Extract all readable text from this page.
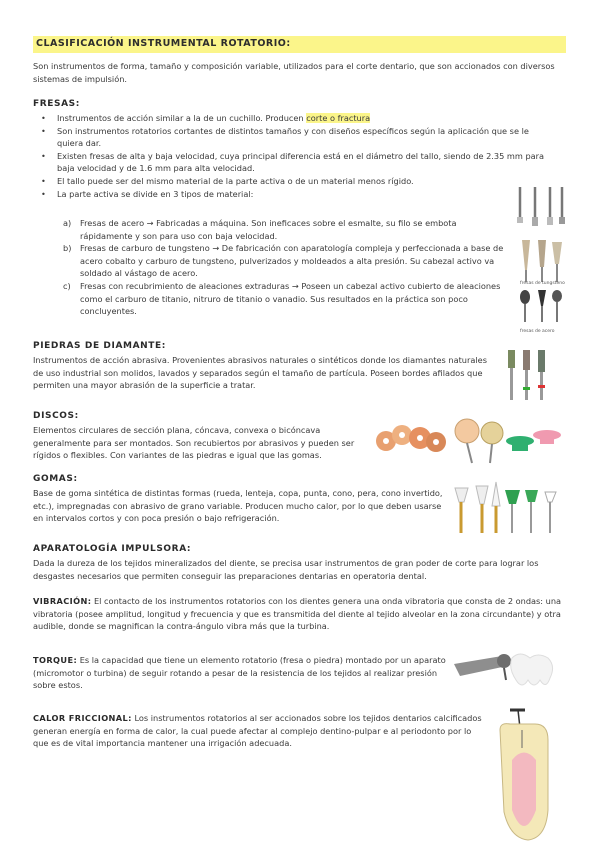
CLASIFICACIÓN INSTRUMENTAL ROTATORIO:
Son instrumentos de forma, tamaño y composición variable, utilizados para el corte dentario, que son accionados con diversos sistemas de impulsión.
FRESAS:
• Instrumentos de acción similar a la de un cuchillo. Producen corte o fractura
• Son instrumentos rotatorios cortantes de distintos tamaños y con diseños específicos según la aplicación que se le quiera dar.
• Existen fresas de alta y baja velocidad, cuya principal diferencia está en el diámetro del tallo, siendo de 2.35 mm para baja velocidad y de 1.6 mm para alta velocidad.
• El tallo puede ser del mismo material de la parte activa o de un material menos rígido.
• La parte activa se divide en 3 tipos de material:
a) Fresas de acero → Fabricadas a máquina. Son ineficaces sobre el esmalte, su filo se embota rápidamente y son para uso con baja velocidad.
b) Fresas de carburo de tungsteno → De fabricación con aparatología compleja y perfeccionada a base de acero cobalto y carburo de tungsteno, pulverizados y moldeados a alta presión. Su cabezal activo va soldado al vástago de acero.
c) Fresas con recubrimiento de aleaciones extraduras → Poseen un cabezal activo cubierto de aleaciones como el carburo de titanio, nitruro de titanio o vanadio. Sus resultados en la práctica son poco concluyentes.
fresas de tungsteno
fresas de acero
PIEDRAS DE DIAMANTE:
Instrumentos de acción abrasiva. Provenientes abrasivos naturales o sintéticos donde los diamantes naturales de uso industrial son molidos, lavados y separados según el tamaño de partícula. Poseen bordes afilados que permiten una mayor abrasión de la superficie a tratar.
DISCOS:
Elementos circulares de sección plana, cóncava, convexa o bicóncava generalmente para ser montados. Son recubiertos por abrasivos y pueden ser rígidos o flexibles. Con variantes de las piedras e igual que las gomas.
GOMAS:
Base de goma sintética de distintas formas (rueda, lenteja, copa, punta, cono, pera, cono invertido, etc.), impregnadas con abrasivo de grano variable. Producen mucho calor, por lo que deben usarse en intervalos cortos y con poca presión o bajo refrigeración.
APARATOLOGÍA IMPULSORA:
Dada la dureza de los tejidos mineralizados del diente, se precisa usar instrumentos de gran poder de corte para lograr los desgastes necesarios que permiten conseguir las preparaciones dentarias en operatoria dental.
VIBRACIÓN: El contacto de los instrumentos rotatorios con los dientes genera una onda vibratoria que consta de 2 ondas: una vibratoria (posee amplitud, longitud y frecuencia y que es transmitida del diente al tejido alveolar en la zona circundante) y otra audible, donde se magnifican la contra-ángulo vibra más que la turbina.
TORQUE: Es la capacidad que tiene un elemento rotatorio (fresa o piedra) montado por un aparato (micromotor o turbina) de seguir rotando a pesar de la resistencia de los tejidos al realizar presión sobre estos.
CALOR FRICCIONAL: Los instrumentos rotatorios al ser accionados sobre los tejidos dentarios calcificados generan energía en forma de calor, la cual puede afectar al complejo dentino-pulpar e al periodonto por lo que es de vital importancia mantener una irrigación adecuada.
